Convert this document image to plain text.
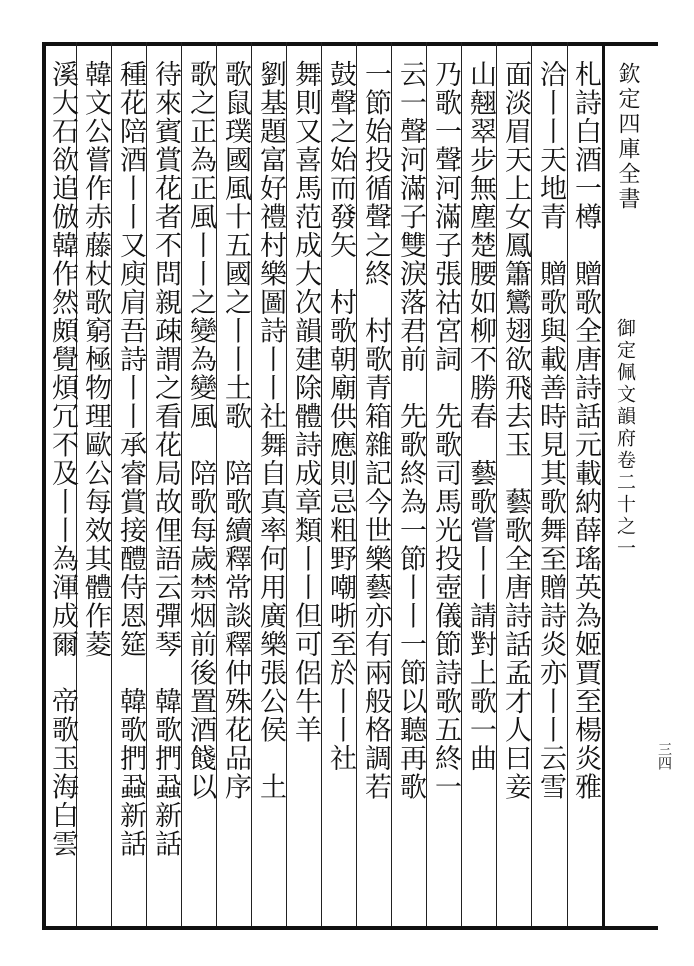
欽定四庫全書
御定佩文韻府卷二十之一
三四
札詩白酒一樽　贈歌全唐詩話元載納薛瑤英為姬賈至楊炎雅
洽丨丨天地青　贈歌與載善時見其歌舞至贈詩炎亦丨丨云雪
面淡眉天上女鳳簫鸞翅欲飛去玉　藝歌全唐詩話孟才人曰妾
山翹翠步無塵楚腰如柳不勝春　藝歌嘗丨丨請對上歌一曲
乃歌一聲河滿子張祜宮詞　先歌司馬光投壺儀節詩歌五終一
云一聲河滿子雙淚落君前　先歌終為一節丨丨一節以聽再歌
一節始投循聲之終　村歌青箱雜記今世樂藝亦有兩般格調若
鼓聲之始而發矢　村歌朝廟供應則忌粗野嘲哳至於丨丨社
舞則又喜馬范成大次韻建除體詩成章類丨丨但可侶牛羊
劉基題富好禮村樂圖詩丨丨社舞自真率何用廣樂張公侯　土
歌鼠璞國風十五國之丨丨土歌　陪歌續釋常談釋仲殊花品序
歌之正為正風丨丨之變為變風　陪歌每歲禁烟前後置酒餞以
待來賓賞花者不問親疎謂之看花局故俚語云彈琴　韓歌捫蝨新話
種花陪酒丨丨又庾肩吾詩丨丨承睿賞接醴侍恩筵　韓歌捫蝨新話
韓文公嘗作赤藤杖歌窮極物理歐公每效其體作菱
溪大石欲追倣韓作然頗覺煩冗不及丨丨為渾成爾　帝歌玉海白雲
